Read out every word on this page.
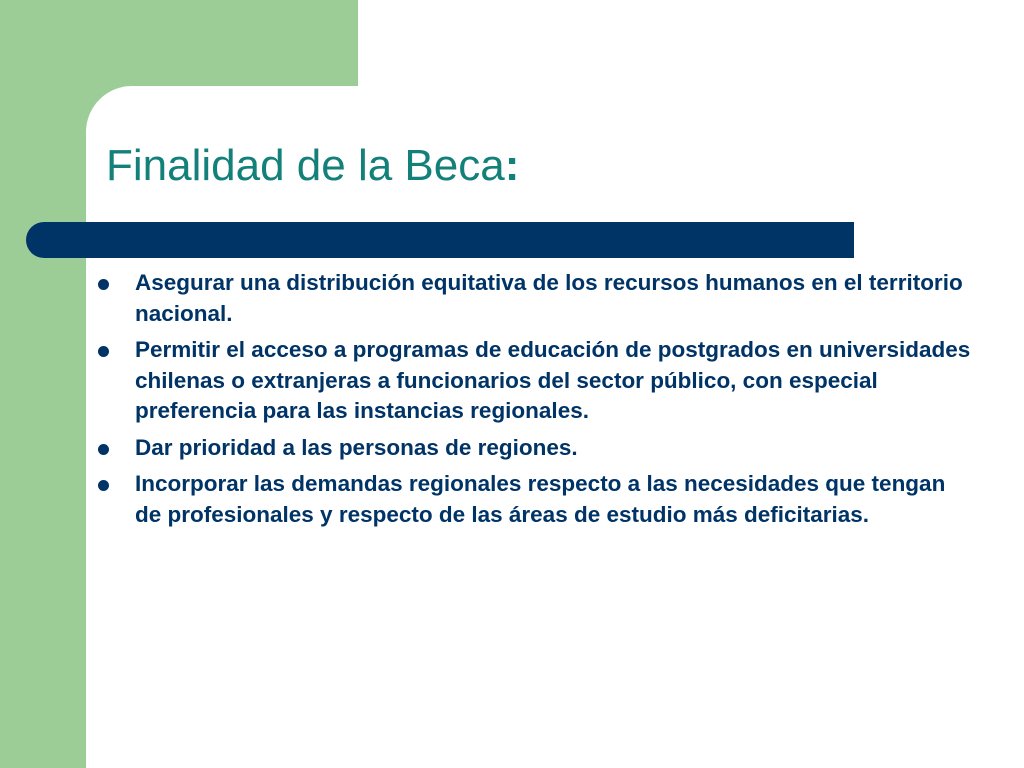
Finalidad de la Beca:
Asegurar una distribución equitativa de los recursos humanos en el territorio nacional.
Permitir el acceso a programas de educación de postgrados en universidades chilenas o extranjeras a funcionarios del sector público, con especial preferencia para las instancias regionales.
Dar prioridad a las personas de regiones.
Incorporar las demandas regionales respecto a las necesidades que tengan de profesionales y respecto de las áreas de estudio más deficitarias.
